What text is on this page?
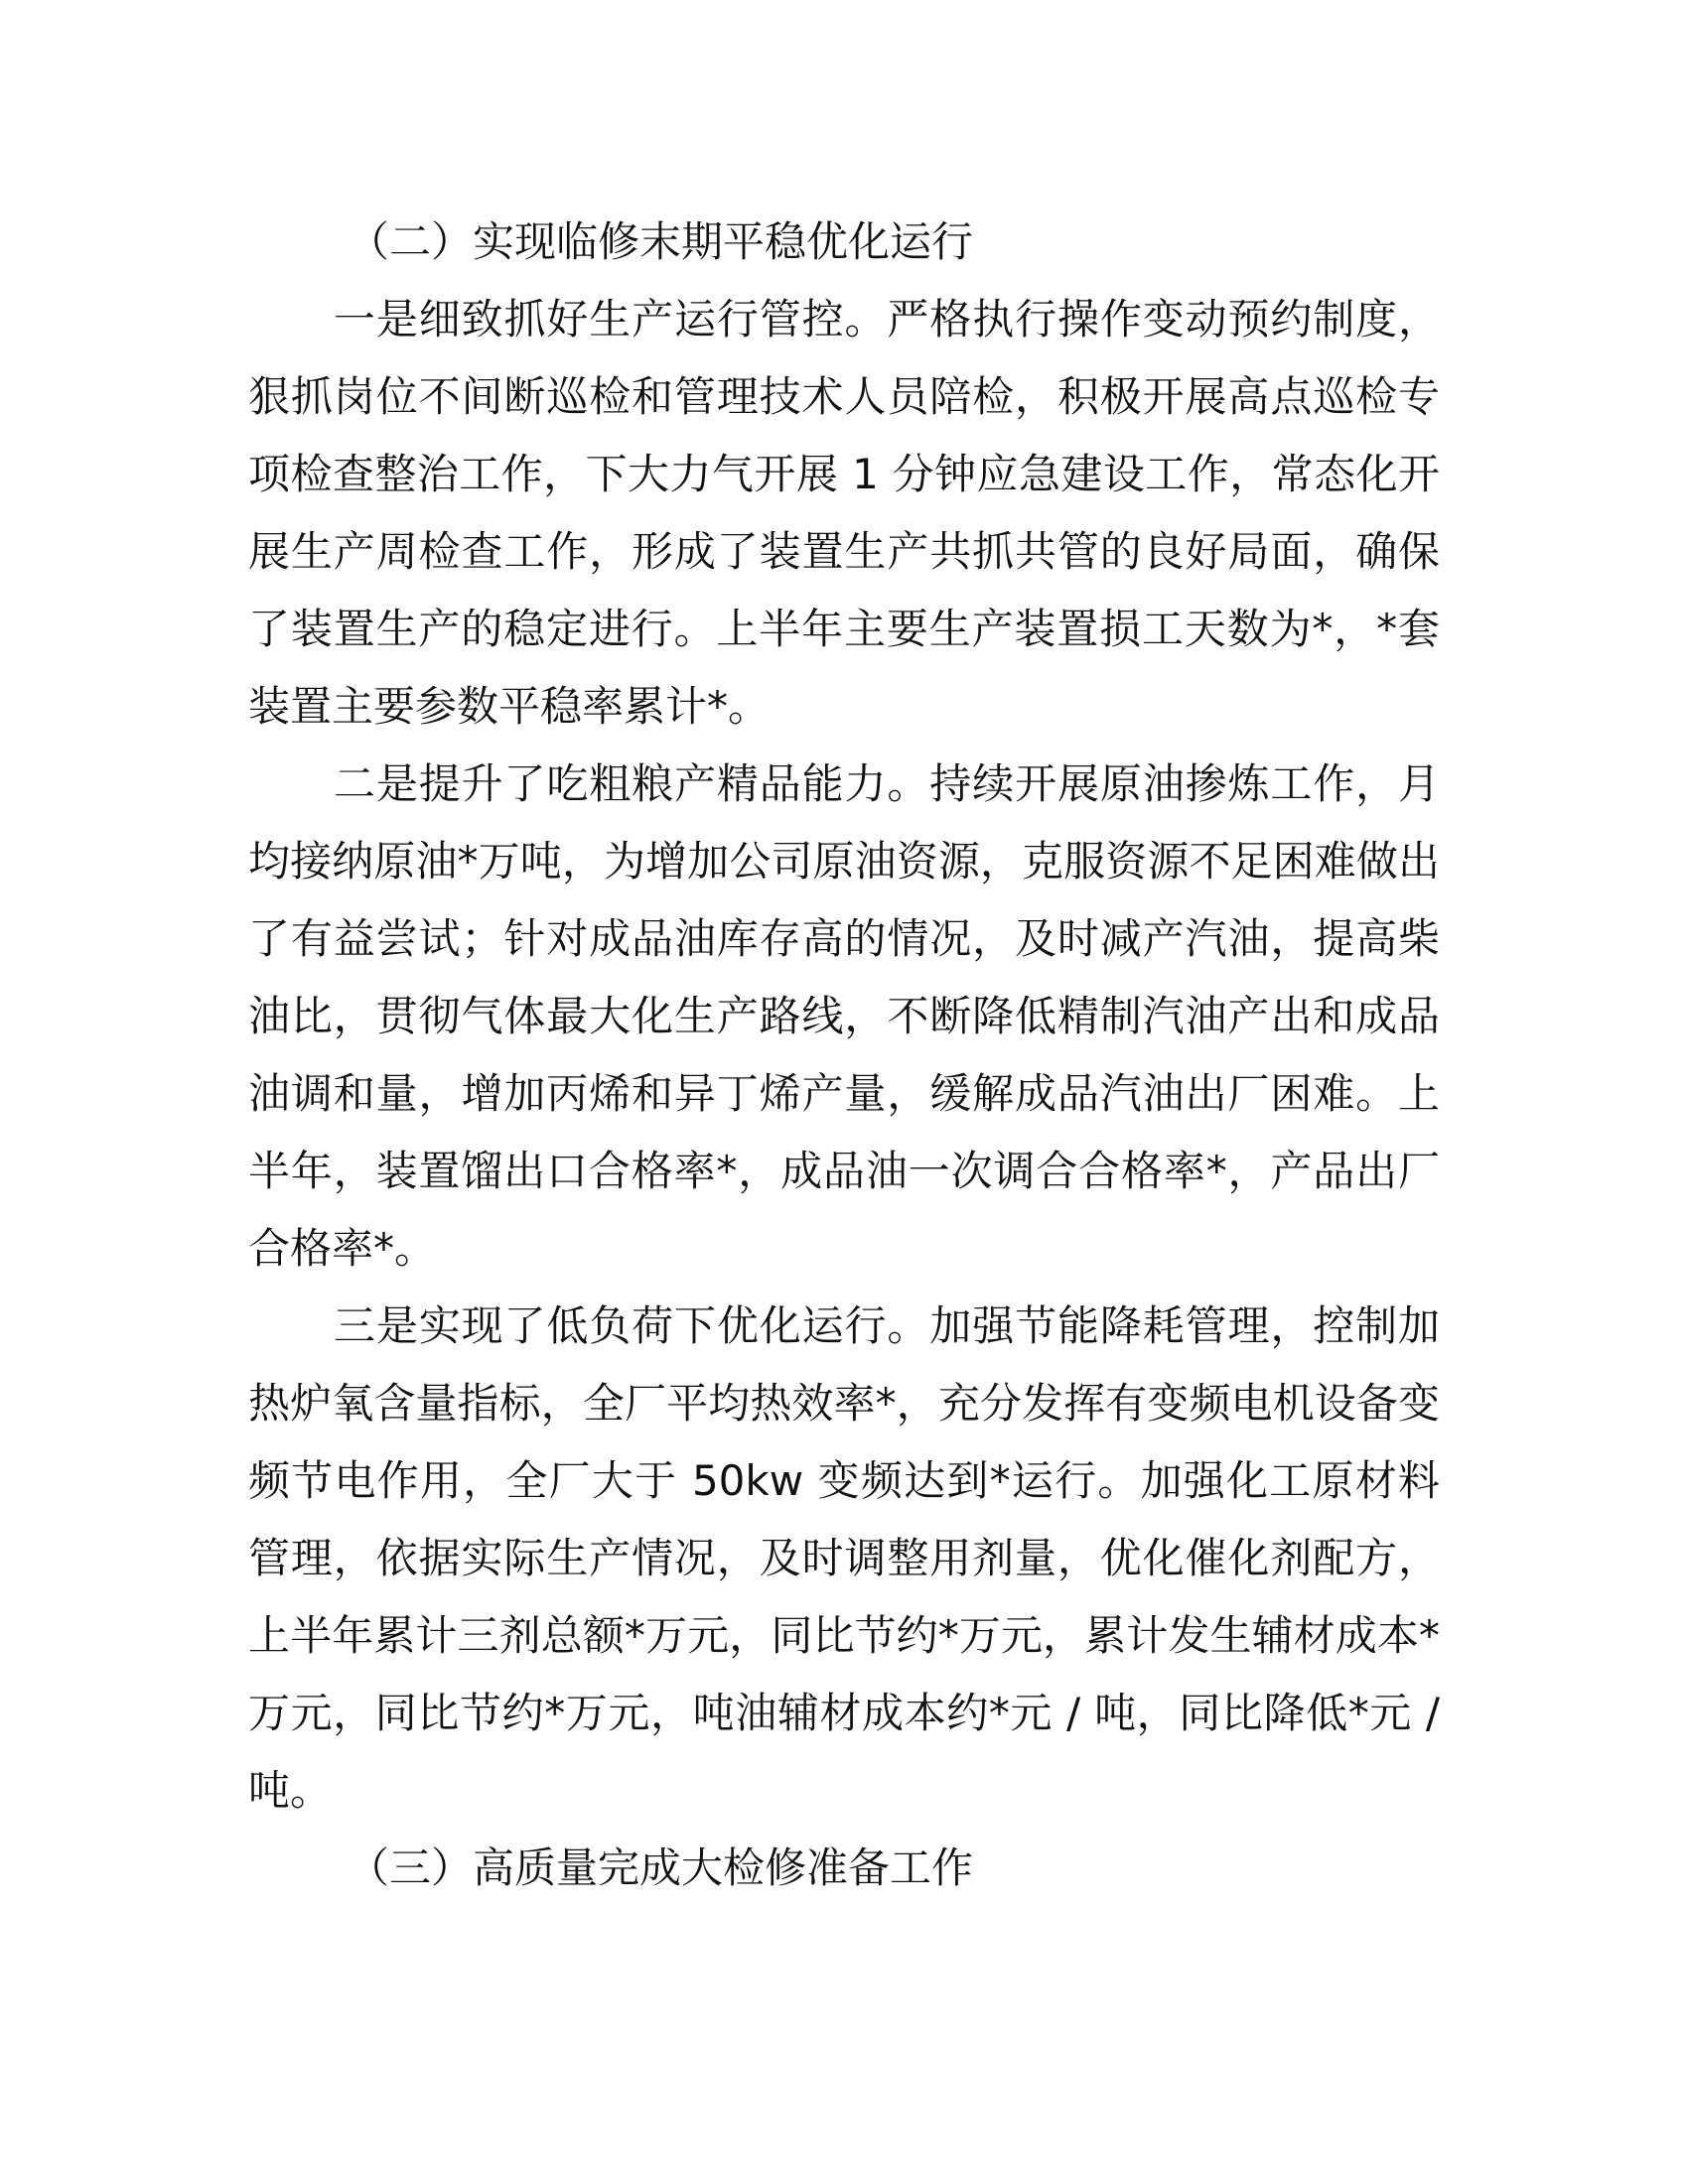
（二）实现临修末期平稳优化运行

一是细致抓好生产运行管控。严格执行操作变动预约制度，狠抓岗位不间断巡检和管理技术人员陪检，积极开展高点巡检专项检查整治工作，下大力气开展 1 分钟应急建设工作，常态化开展生产周检查工作，形成了装置生产共抓共管的良好局面，确保了装置生产的稳定进行。上半年主要生产装置损工天数为*，*套装置主要参数平稳率累计*。

二是提升了吃粗粮产精品能力。持续开展原油掺炼工作，月均接纳原油*万吨，为增加公司原油资源，克服资源不足困难做出了有益尝试；针对成品油库存高的情况，及时减产汽油，提高柴油比，贯彻气体最大化生产路线，不断降低精制汽油产出和成品油调和量，增加丙烯和异丁烯产量，缓解成品汽油出厂困难。上半年，装置馏出口合格率*，成品油一次调合合格率*，产品出厂合格率*。

三是实现了低负荷下优化运行。加强节能降耗管理，控制加热炉氧含量指标，全厂平均热效率*，充分发挥有变频电机设备变频节电作用，全厂大于 50kw 变频达到*运行。加强化工原材料管理，依据实际生产情况，及时调整用剂量，优化催化剂配方，上半年累计三剂总额*万元，同比节约*万元，累计发生辅材成本*万元，同比节约*万元，吨油辅材成本约*元 / 吨，同比降低*元 / 吨。

（三）高质量完成大检修准备工作
